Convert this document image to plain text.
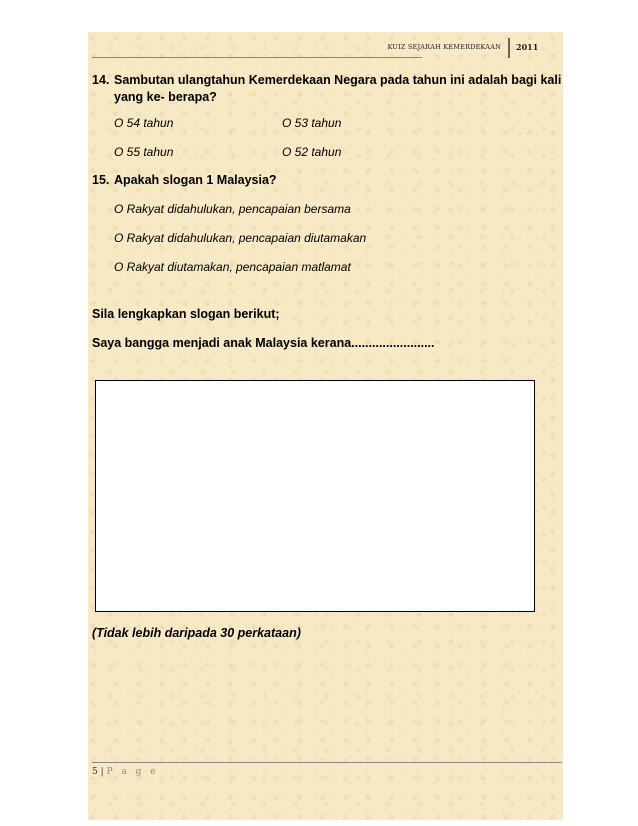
KUIZ SEJARAH KEMERDEKAAN 2011
14. Sambutan ulangtahun Kemerdekaan Negara pada tahun ini adalah bagi kali yang ke- berapa?
O 54 tahun	O 53 tahun
O 55 tahun	O 52 tahun
15. Apakah slogan 1 Malaysia?
O Rakyat didahulukan, pencapaian bersama
O Rakyat didahulukan, pencapaian diutamakan
O Rakyat diutamakan, pencapaian matlamat
Sila lengkapkan slogan berikut;
Saya bangga menjadi anak Malaysia kerana........................
(Tidak lebih daripada 30 perkataan)
5 | P a g e
